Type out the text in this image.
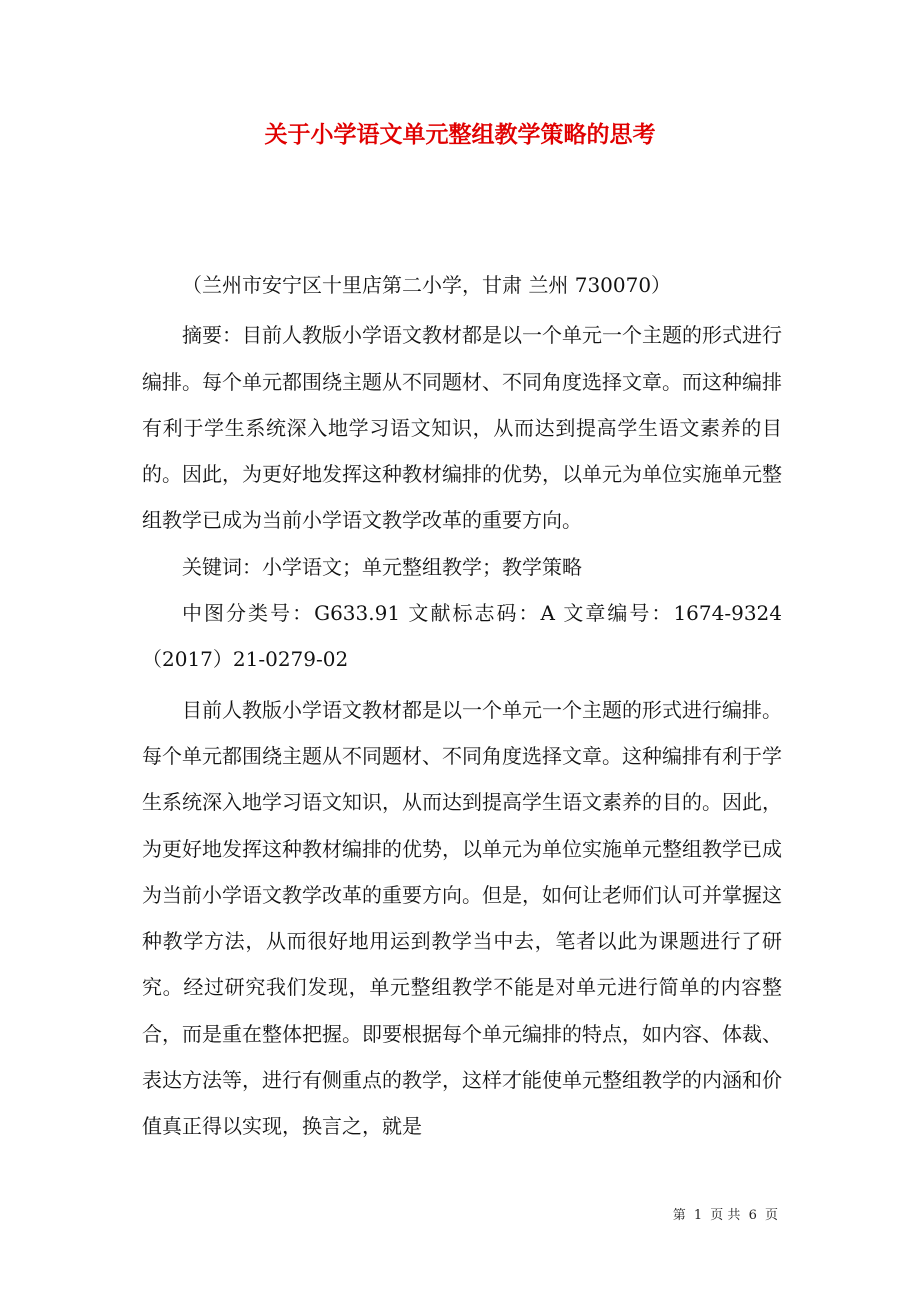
关于小学语文单元整组教学策略的思考

（兰州市安宁区十里店第二小学，甘肃 兰州 730070）

摘要：目前人教版小学语文教材都是以一个单元一个主题的形式进行编排。每个单元都围绕主题从不同题材、不同角度选择文章。而这种编排有利于学生系统深入地学习语文知识，从而达到提高学生语文素养的目的。因此，为更好地发挥这种教材编排的优势，以单元为单位实施单元整组教学已成为当前小学语文教学改革的重要方向。

关键词：小学语文；单元整组教学；教学策略

中图分类号：G633.91 文献标志码：A 文章编号：1674-9324（2017）21-0279-02

目前人教版小学语文教材都是以一个单元一个主题的形式进行编排。每个单元都围绕主题从不同题材、不同角度选择文章。这种编排有利于学生系统深入地学习语文知识，从而达到提高学生语文素养的目的。因此，为更好地发挥这种教材编排的优势，以单元为单位实施单元整组教学已成为当前小学语文教学改革的重要方向。但是，如何让老师们认可并掌握这种教学方法，从而很好地用运到教学当中去，笔者以此为课题进行了研究。经过研究我们发现，单元整组教学不能是对单元进行简单的内容整合，而是重在整体把握。即要根据每个单元编排的特点，如内容、体裁、表达方法等，进行有侧重点的教学，这样才能使单元整组教学的内涵和价值真正得以实现，换言之，就是

第 1 页 共 6 页
